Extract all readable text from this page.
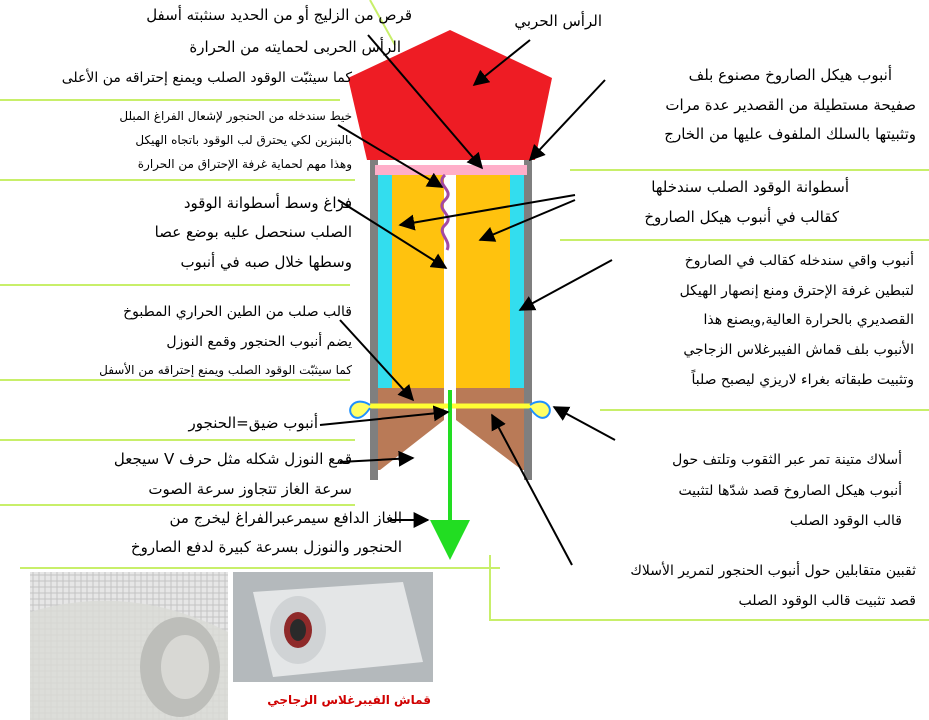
الرأس الحربي
قرص من الزليج أو من الحديد سنثبته أسفل
الرأس الحربى لحمايته من الحرارة
كما سيثبّت الوقود الصلب ويمنع إحتراقه من الأعلى	أنبوب هيكل الصاروخ مصنوع بلف
صفيحة مستطيلة من القصدير عدة مرات
وتثبيتها بالسلك الملفوف عليها من الخارج
خيط سندخله من الحنجور لإشعال الفراغ المبلل
بالبنزين لكي يحترق لب الوقود باتجاه الهيكل
وهذا مهم لحماية غرفة الإحتراق من الحرارة
فراغ وسط أسطوانة الوقود
الصلب سنحصل عليه بوضع عصا
وسطها خلال صبه في أنبوب
أسطوانة الوقود الصلب سندخلها
كقالب في أنبوب هيكل الصاروخ
أنبوب واقي سندخله كقالب في الصاروخ
لتبطين غرفة الإحترق ومنع إنصهار الهيكل
القصديري بالحرارة العالية,ويصنع هذا
الأنبوب بلف قماش الفيبرغلاس الزجاجي
وتثبيت طبقاته بغراء لاريزي ليصبح صلباً
قالب صلب من الطين الحراري المطبوخ
يضم أنبوب الحنجور وقمع النوزل
كما سيثبّت الوقود الصلب ويمنع إحتراقه من الأسفل
أنبوب ضيق=الحنجور
أسلاك متينة تمر عبر الثقوب وتلتف حول
أنبوب هيكل الصاروخ قصد شدّها لتثبيت
قالب الوقود الصلب
قمع النوزل شكله مثل حرف V سيجعل
سرعة الغاز تتجاوز سرعة الصوت
الغاز الدافع سيمرعبرالفراغ ليخرج من
الحنجور والنوزل بسرعة كبيرة لدفع الصاروخ
ثقبين متقابلين حول أنبوب الحنجور لتمرير الأسلاك
قصد تثبيت قالب الوقود الصلب
قماش الفيبرغلاس الزجاجي
